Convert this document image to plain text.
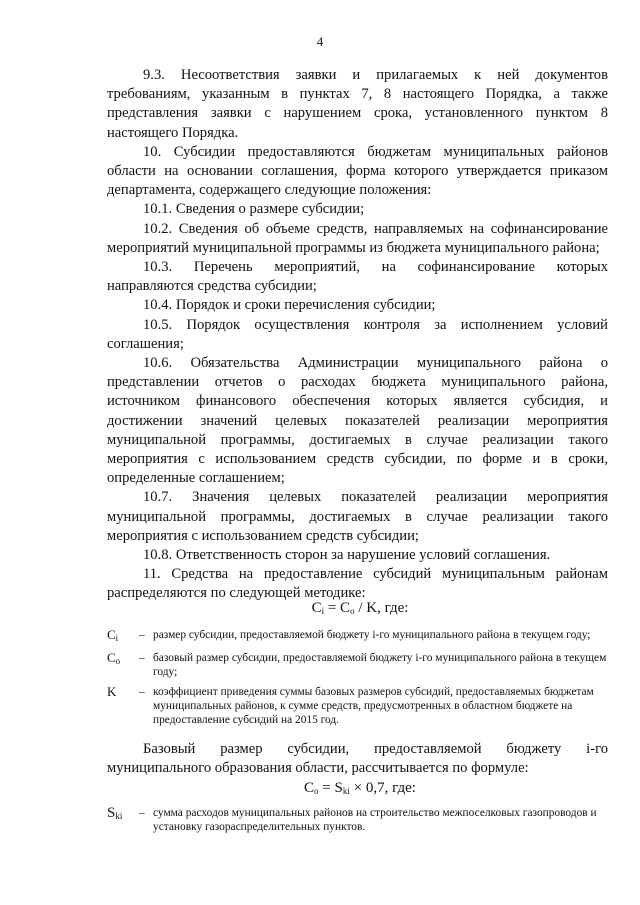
4

9.3. Несоответствия заявки и прилагаемых к ней документов требованиям, указанным в пунктах 7, 8 настоящего Порядка, а также представления заявки с нарушением срока, установленного пунктом 8 настоящего Порядка.

10. Субсидии предоставляются бюджетам муниципальных районов области на основании соглашения, форма которого утверждается приказом департамента, содержащего следующие положения:

10.1. Сведения о размере субсидии;

10.2. Сведения об объеме средств, направляемых на софинансирование мероприятий муниципальной программы из бюджета муниципального района;

10.3. Перечень мероприятий, на софинансирование которых направляются средства субсидии;

10.4. Порядок и сроки перечисления субсидии;

10.5. Порядок осуществления контроля за исполнением условий соглашения;

10.6. Обязательства Администрации муниципального района о представлении отчетов о расходах бюджета муниципального района, источником финансового обеспечения которых является субсидия, и достижении значений целевых показателей реализации мероприятия муниципальной программы, достигаемых в случае реализации такого мероприятия с использованием средств субсидии, по форме и в сроки, определенные соглашением;

10.7. Значения целевых показателей реализации мероприятия муниципальной программы, достигаемых в случае реализации такого мероприятия с использованием средств субсидии;

10.8. Ответственность сторон за нарушение условий соглашения.

11. Средства на предоставление субсидий муниципальным районам распределяются по следующей методике:

$C_i = C_o / K$, где:
$C_i$	– размер субсидии, предоставляемой бюджету i-го муниципального района в текущем году;
$C_o$	– базовый размер субсидии, предоставляемой бюджету i-го муниципального района в текущем году;
K	– коэффициент приведения суммы базовых размеров субсидий, предоставляемых бюджетам муниципальных районов, к сумме средств, предусмотренных в областном бюджете на предоставление субсидий на 2015 год.

Базовый размер субсидии, предоставляемой бюджету i-го муниципального образования области, рассчитывается по формуле:

$C_o = S_{ki} \times 0,7$, где:
$S_{ki}$	– сумма расходов муниципальных районов на строительство межпоселковых газопроводов и установку газораспределительных пунктов.
